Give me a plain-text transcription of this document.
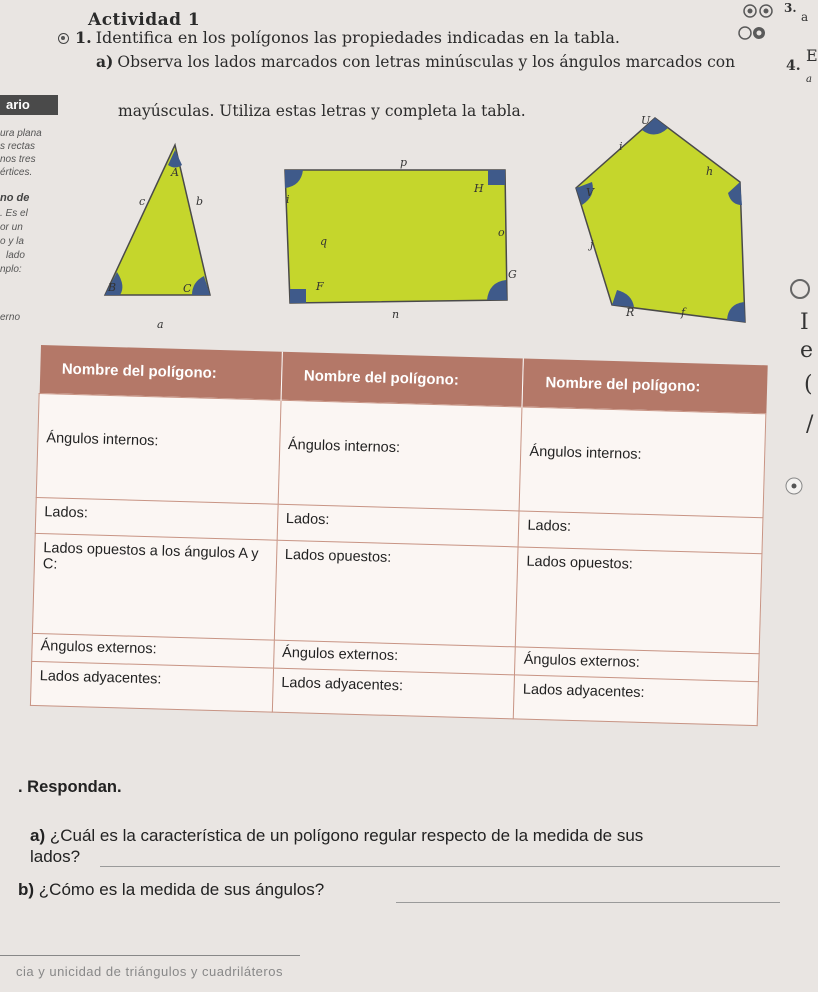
Actividad 1
1. Identifica en los polígonos las propiedades indicadas en la tabla.
a) Observa los lados marcados con letras minúsculas y los ángulos marcados con
mayúsculas. Utiliza estas letras y completa la tabla.
ario
ura plana
s rectas
nos tres
értices.
no de
. Es el
or un
o y la
lado
nplo:
erno
3.
a
4.
E
a
I
e
(
/
A
B	C
a
b
c
p
H
i
o
q
G
F
n
U
i
h
V
j
R	f
Nombre del polígono:	Nombre del polígono:	Nombre del polígono:
Ángulos internos:	Ángulos internos:	Ángulos internos:
Lados:	Lados:	Lados:
Lados opuestos a los ángulos A y C:	Lados opuestos:	Lados opuestos:
Ángulos externos:	Ángulos externos:	Ángulos externos:
Lados adyacentes:	Lados adyacentes:	Lados adyacentes:
. Respondan.
a) ¿Cuál es la característica de un polígono regular respecto de la medida de sus
lados?
b) ¿Cómo es la medida de sus ángulos?
cia y unicidad de triángulos y cuadriláteros
